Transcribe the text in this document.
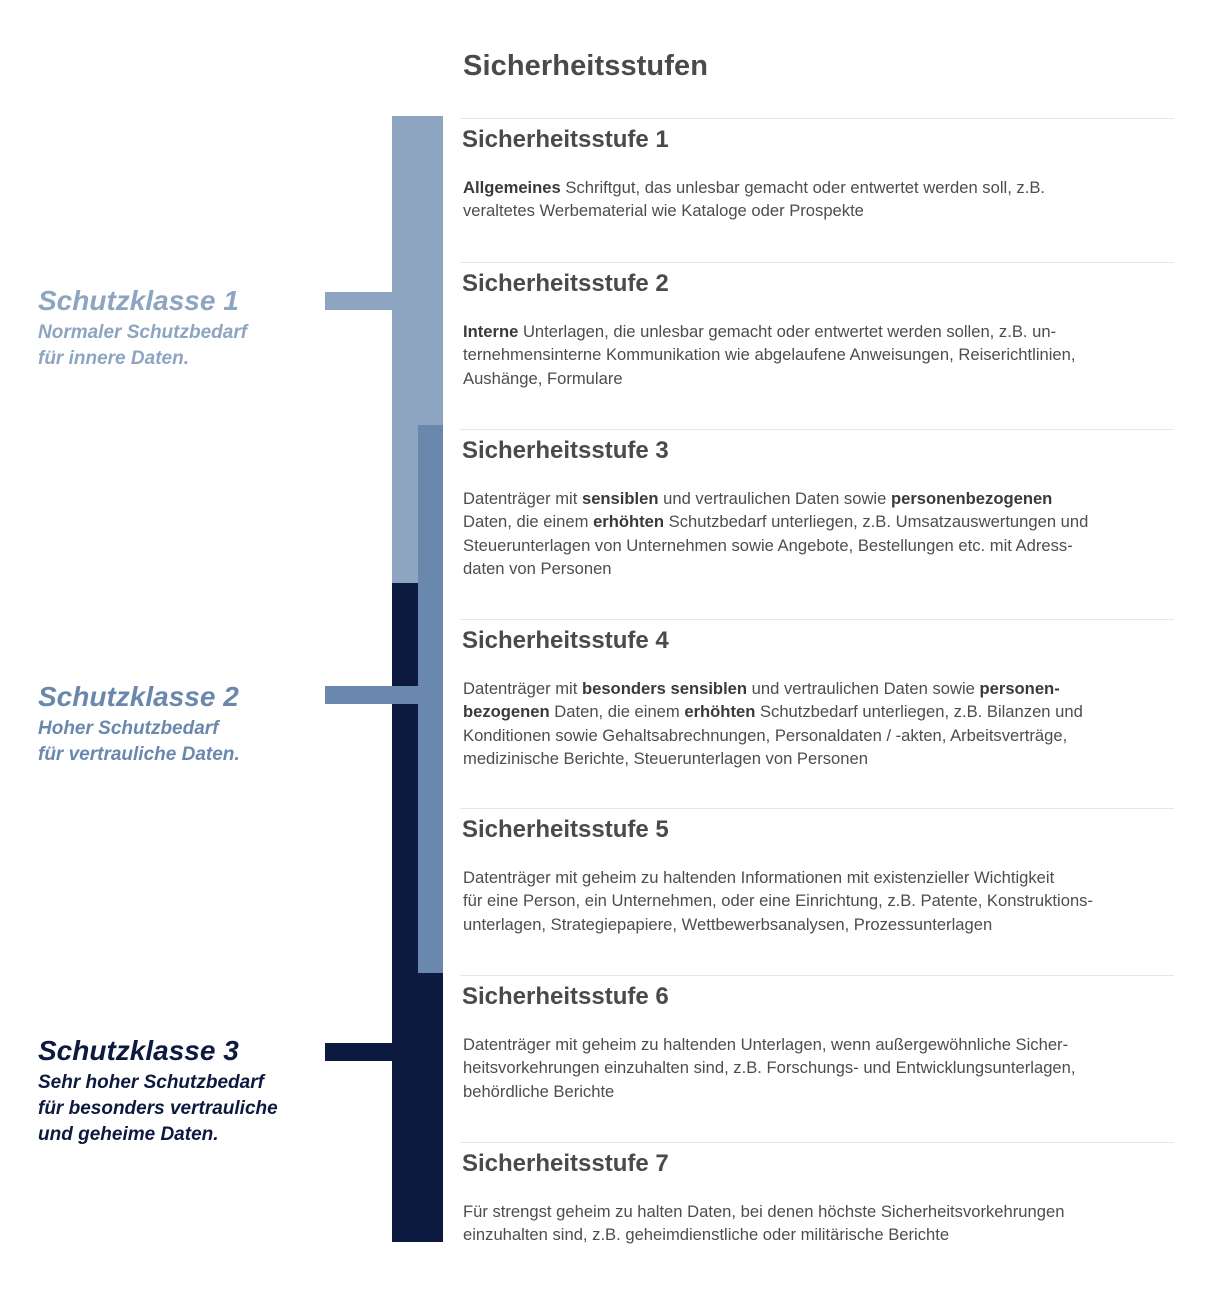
Sicherheitsstufen
Schutzklasse 1
Normaler Schutzbedarf
für innere Daten.
Schutzklasse 2
Hoher Schutzbedarf
für vertrauliche Daten.
Schutzklasse 3
Sehr hoher Schutzbedarf
für besonders vertrauliche
und geheime Daten.
Sicherheitsstufe 1
Allgemeines Schriftgut, das unlesbar gemacht oder entwertet werden soll, z.B.
veraltetes Werbematerial wie Kataloge oder Prospekte
Sicherheitsstufe 2
Interne Unterlagen, die unlesbar gemacht oder entwertet werden sollen, z.B. un-
ternehmensinterne Kommunikation wie abgelaufene Anweisungen, Reiserichtlinien,
Aushänge, Formulare
Sicherheitsstufe 3
Datenträger mit sensiblen und vertraulichen Daten sowie personenbezogenen
Daten, die einem erhöhten Schutzbedarf unterliegen, z.B. Umsatzauswertungen und
Steuerunterlagen von Unternehmen sowie Angebote, Bestellungen etc. mit Adress-
daten von Personen
Sicherheitsstufe 4
Datenträger mit besonders sensiblen und vertraulichen Daten sowie personen-
bezogenen Daten, die einem erhöhten Schutzbedarf unterliegen, z.B. Bilanzen und
Konditionen sowie Gehaltsabrechnungen, Personaldaten / -akten, Arbeitsverträge,
medizinische Berichte, Steuerunterlagen von Personen
Sicherheitsstufe 5
Datenträger mit geheim zu haltenden Informationen mit existenzieller Wichtigkeit
für eine Person, ein Unternehmen, oder eine Einrichtung, z.B. Patente, Konstruktions-
unterlagen, Strategiepapiere, Wettbewerbsanalysen, Prozessunterlagen
Sicherheitsstufe 6
Datenträger mit geheim zu haltenden Unterlagen, wenn außergewöhnliche Sicher-
heitsvorkehrungen einzuhalten sind, z.B. Forschungs- und Entwicklungsunterlagen,
behördliche Berichte
Sicherheitsstufe 7
Für strengst geheim zu halten Daten, bei denen höchste Sicherheitsvorkehrungen
einzuhalten sind, z.B. geheimdienstliche oder militärische Berichte
